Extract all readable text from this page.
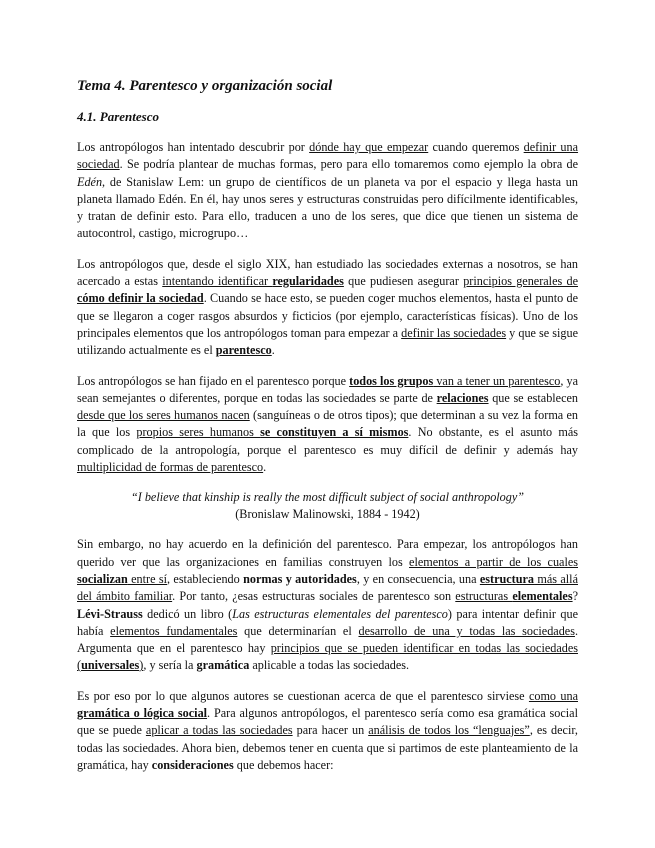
Tema 4. Parentesco y organización social
4.1. Parentesco

Los antropólogos han intentado descubrir por dónde hay que empezar cuando queremos definir una sociedad. Se podría plantear de muchas formas, pero para ello tomaremos como ejemplo la obra de Edén, de Stanislaw Lem: un grupo de científicos de un planeta va por el espacio y llega hasta un planeta llamado Edén. En él, hay unos seres y estructuras construidas pero difícilmente identificables, y tratan de definir esto. Para ello, traducen a uno de los seres, que dice que tienen un sistema de autocontrol, castigo, microgrupo…

Los antropólogos que, desde el siglo XIX, han estudiado las sociedades externas a nosotros, se han acercado a estas intentando identificar regularidades que pudiesen asegurar principios generales de cómo definir la sociedad. Cuando se hace esto, se pueden coger muchos elementos, hasta el punto de que se llegaron a coger rasgos absurdos y ficticios (por ejemplo, características físicas). Uno de los principales elementos que los antropólogos toman para empezar a definir las sociedades y que se sigue utilizando actualmente es el parentesco.

Los antropólogos se han fijado en el parentesco porque todos los grupos van a tener un parentesco, ya sean semejantes o diferentes, porque en todas las sociedades se parte de relaciones que se establecen desde que los seres humanos nacen (sanguíneas o de otros tipos); que determinan a su vez la forma en la que los propios seres humanos se constituyen a sí mismos. No obstante, es el asunto más complicado de la antropología, porque el parentesco es muy difícil de definir y además hay multiplicidad de formas de parentesco.

“I believe that kinship is really the most difficult subject of social anthropology”
(Bronislaw Malinowski, 1884 - 1942)

Sin embargo, no hay acuerdo en la definición del parentesco. Para empezar, los antropólogos han querido ver que las organizaciones en familias construyen los elementos a partir de los cuales socializan entre sí, estableciendo normas y autoridades, y en consecuencia, una estructura más allá del ámbito familiar. Por tanto, ¿esas estructuras sociales de parentesco son estructuras elementales? Lévi-Strauss dedicó un libro (Las estructuras elementales del parentesco) para intentar definir que había elementos fundamentales que determinarían el desarrollo de una y todas las sociedades. Argumenta que en el parentesco hay principios que se pueden identificar en todas las sociedades (universales), y sería la gramática aplicable a todas las sociedades.

Es por eso por lo que algunos autores se cuestionan acerca de que el parentesco sirviese como una gramática o lógica social. Para algunos antropólogos, el parentesco sería como esa gramática social que se puede aplicar a todas las sociedades para hacer un análisis de todos los “lenguajes”, es decir, todas las sociedades. Ahora bien, debemos tener en cuenta que si partimos de este planteamiento de la gramática, hay consideraciones que debemos hacer:
